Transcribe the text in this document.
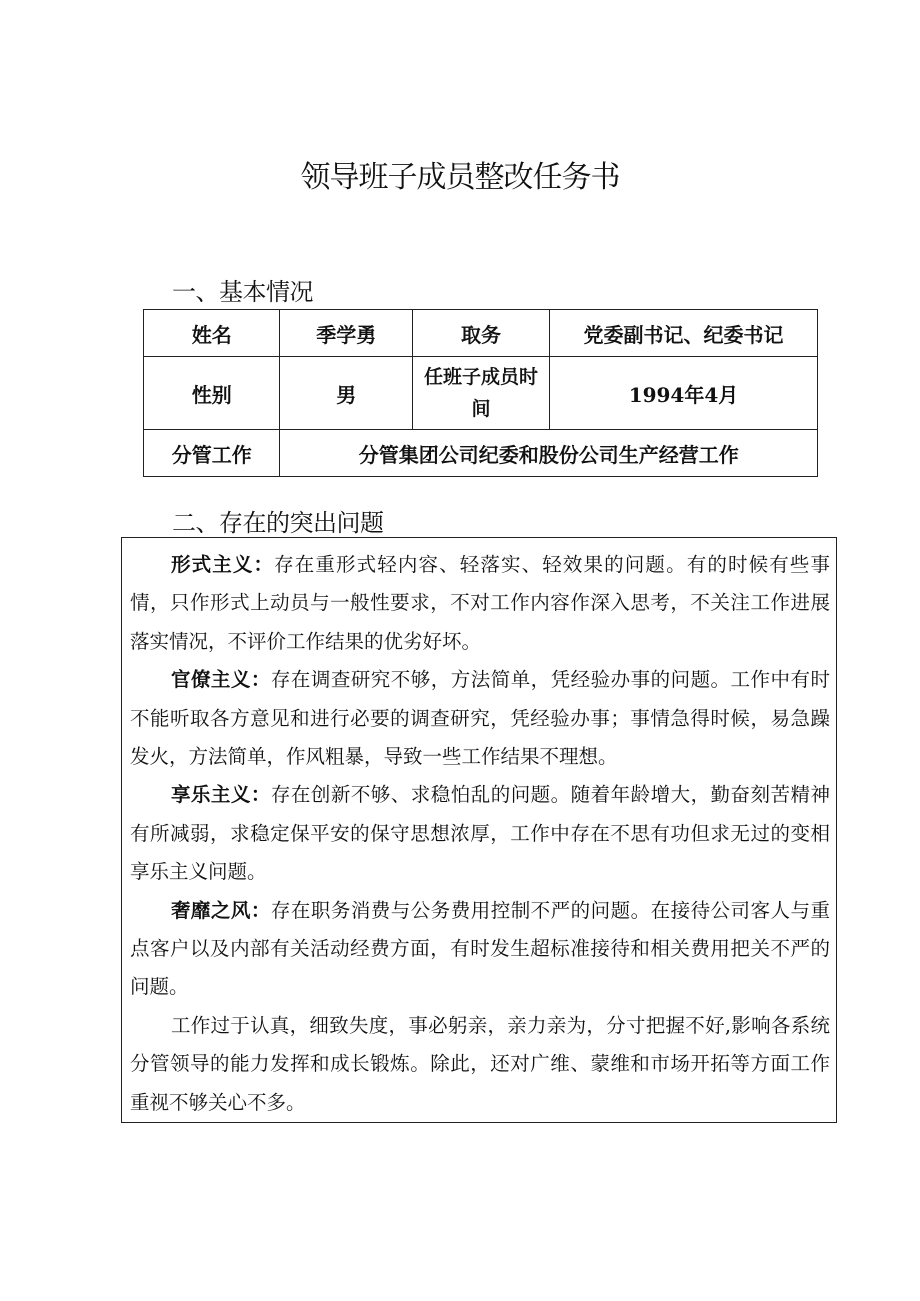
领导班子成员整改任务书
一、基本情况
姓名	季学勇	取务	党委副书记、纪委书记
性别	男	任班子成员时间	1994年4月
分管工作	分管集团公司纪委和股份公司生产经营工作		
二、存在的突出问题

形式主义：存在重形式轻内容、轻落实、轻效果的问题。有的时候有些事情，只作形式上动员与一般性要求，不对工作内容作深入思考，不关注工作进展落实情况，不评价工作结果的优劣好坏。

官僚主义：存在调查研究不够，方法简单，凭经验办事的问题。工作中有时不能听取各方意见和进行必要的调查研究，凭经验办事；事情急得时候，易急躁发火，方法简单，作风粗暴，导致一些工作结果不理想。

享乐主义：存在创新不够、求稳怕乱的问题。随着年龄增大，勤奋刻苦精神有所减弱，求稳定保平安的保守思想浓厚，工作中存在不思有功但求无过的变相享乐主义问题。

奢靡之风：存在职务消费与公务费用控制不严的问题。在接待公司客人与重点客户以及内部有关活动经费方面，有时发生超标准接待和相关费用把关不严的问题。

工作过于认真，细致失度，事必躬亲，亲力亲为，分寸把握不好,影响各系统分管领导的能力发挥和成长锻炼。除此，还对广维、蒙维和市场开拓等方面工作重视不够关心不多。
